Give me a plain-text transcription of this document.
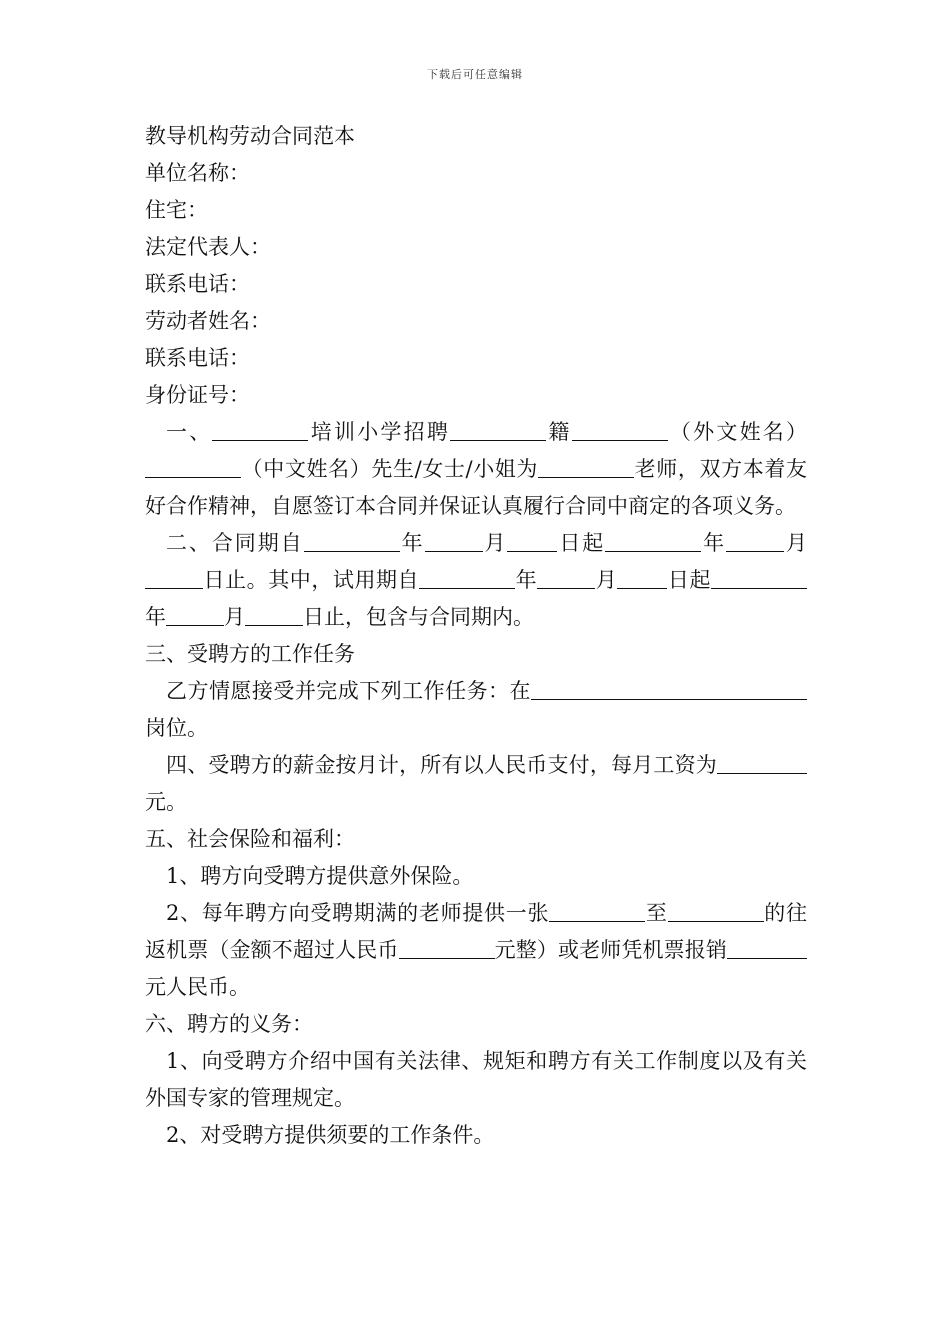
下载后可任意编辑

教导机构劳动合同范本

单位名称：

住宅：

法定代表人：

联系电话：

劳动者姓名：

联系电话：

身份证号：

一、	培训小学招聘	籍	（外文姓名）（中文姓名）先生/女士/小姐为	老师，双方本着友好合作精神，自愿签订本合同并保证认真履行合同中商定的各项义务。

二、合同期自	年	月 日起	年	月日止。其中，试用期自	年	月 日起年	月	日止，包含与合同期内。

三、受聘方的工作任务

乙方情愿接受并完成下列工作任务：在岗位。

四、受聘方的薪金按月计，所有以人民币支付，每月工资为元。

五、社会保险和福利：

1、聘方向受聘方提供意外保险。

2、每年聘方向受聘期满的老师提供一张	至	的往返机票（金额不超过人民币	元整）或老师凭机票报销元人民币。

六、聘方的义务：

1、向受聘方介绍中国有关法律、规矩和聘方有关工作制度以及有关外国专家的管理规定。

2、对受聘方提供须要的工作条件。
